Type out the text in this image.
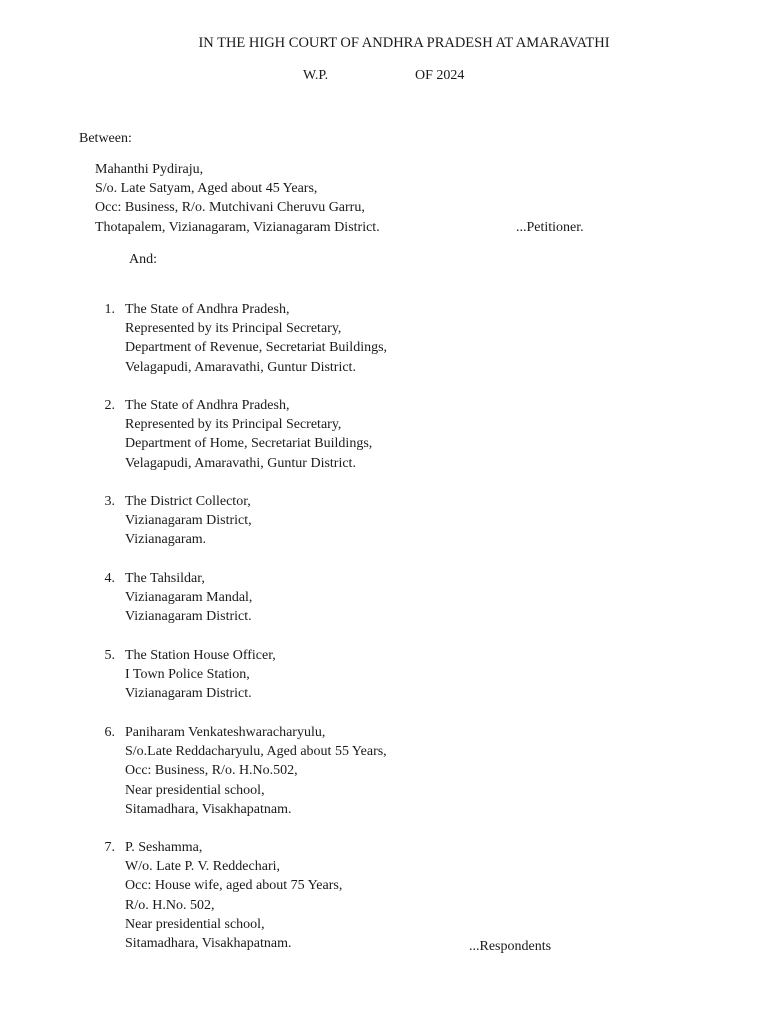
IN THE HIGH COURT OF ANDHRA PRADESH AT AMARAVATHI
W.P.	OF 2024
Between:
Mahanthi Pydiraju,
S/o. Late Satyam, Aged about 45 Years,
Occ: Business, R/o. Mutchivani Cheruvu Garru,
Thotapalem, Vizianagaram, Vizianagaram District.	...Petitioner.
And:
1. The State of Andhra Pradesh,
Represented by its Principal Secretary,
Department of Revenue, Secretariat Buildings,
Velagapudi, Amaravathi, Guntur District.
2. The State of Andhra Pradesh,
Represented by its Principal Secretary,
Department of Home, Secretariat Buildings,
Velagapudi, Amaravathi, Guntur District.
3. The District Collector,
Vizianagaram District,
Vizianagaram.
4. The Tahsildar,
Vizianagaram Mandal,
Vizianagaram District.
5. The Station House Officer,
I Town Police Station,
Vizianagaram District.
6. Paniharam Venkateshwaracharyulu,
S/o.Late Reddacharyulu, Aged about 55 Years,
Occ: Business, R/o. H.No.502,
Near presidential school,
Sitamadhara, Visakhapatnam.
7. P. Seshamma,
W/o. Late P. V. Reddechari,
Occ: House wife, aged about 75 Years,
R/o. H.No. 502,
Near presidential school,
Sitamadhara, Visakhapatnam.	...Respondents
